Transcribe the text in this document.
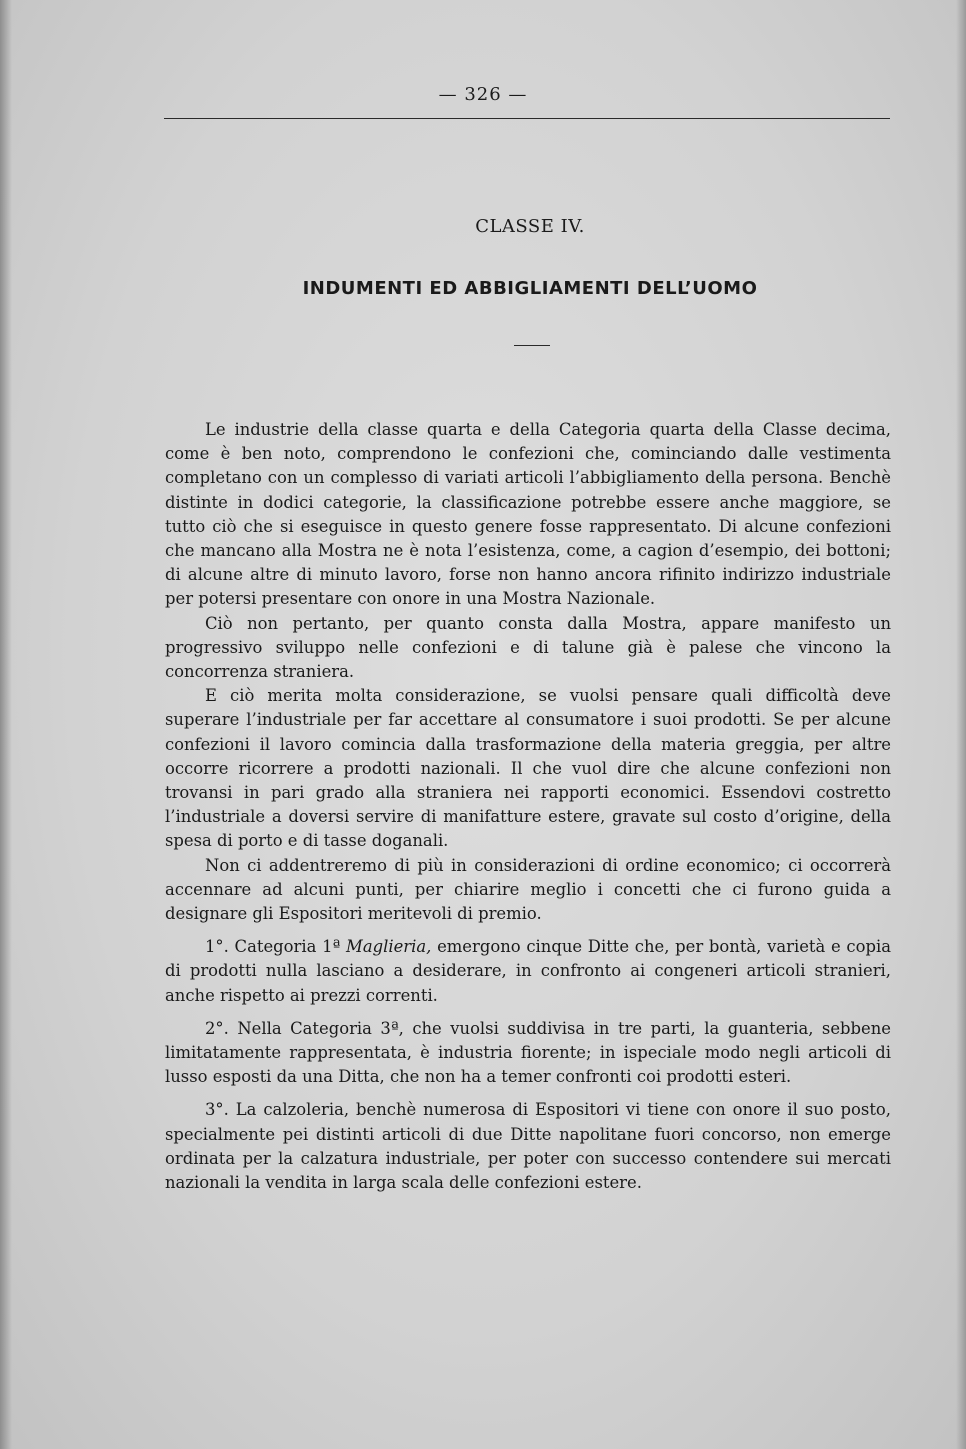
— 326 —
CLASSE IV.
INDUMENTI ED ABBIGLIAMENTI DELL’UOMO

Le industrie della classe quarta e della Categoria quarta della Classe decima, come è ben noto, comprendono le confezioni che, cominciando dalle vestimenta completano con un complesso di variati articoli l’abbigliamento della persona. Benchè distinte in dodici categorie, la classificazione potrebbe essere anche maggiore, se tutto ciò che si eseguisce in questo genere fosse rappresentato. Di alcune confezioni che mancano alla Mostra ne è nota l’esistenza, come, a cagion d’esempio, dei bottoni; di alcune altre di minuto lavoro, forse non hanno ancora rifinito indirizzo industriale per potersi presentare con onore in una Mostra Nazionale.

Ciò non pertanto, per quanto consta dalla Mostra, appare manifesto un progressivo sviluppo nelle confezioni e di talune già è palese che vincono la concorrenza straniera.

E ciò merita molta considerazione, se vuolsi pensare quali difficoltà deve superare l’industriale per far accettare al consumatore i suoi prodotti. Se per alcune confezioni il lavoro comincia dalla trasformazione della materia greggia, per altre occorre ricorrere a prodotti nazionali. Il che vuol dire che alcune confezioni non trovansi in pari grado alla straniera nei rapporti economici. Essendovi costretto l’industriale a doversi servire di manifatture estere, gravate sul costo d’origine, della spesa di porto e di tasse doganali.

Non ci addentreremo di più in considerazioni di ordine economico; ci occorrerà accennare ad alcuni punti, per chiarire meglio i concetti che ci furono guida a designare gli Espositori meritevoli di premio.

1°. Categoria 1ª Maglieria, emergono cinque Ditte che, per bontà, varietà e copia di prodotti nulla lasciano a desiderare, in confronto ai congeneri articoli stranieri, anche rispetto ai prezzi correnti.

2°. Nella Categoria 3ª, che vuolsi suddivisa in tre parti, la guanteria, sebbene limitatamente rappresentata, è industria fiorente; in ispeciale modo negli articoli di lusso esposti da una Ditta, che non ha a temer confronti coi prodotti esteri.

3°. La calzoleria, benchè numerosa di Espositori vi tiene con onore il suo posto, specialmente pei distinti articoli di due Ditte napolitane fuori concorso, non emerge ordinata per la calzatura industriale, per poter con successo contendere sui mercati nazionali la vendita in larga scala delle confezioni estere.
